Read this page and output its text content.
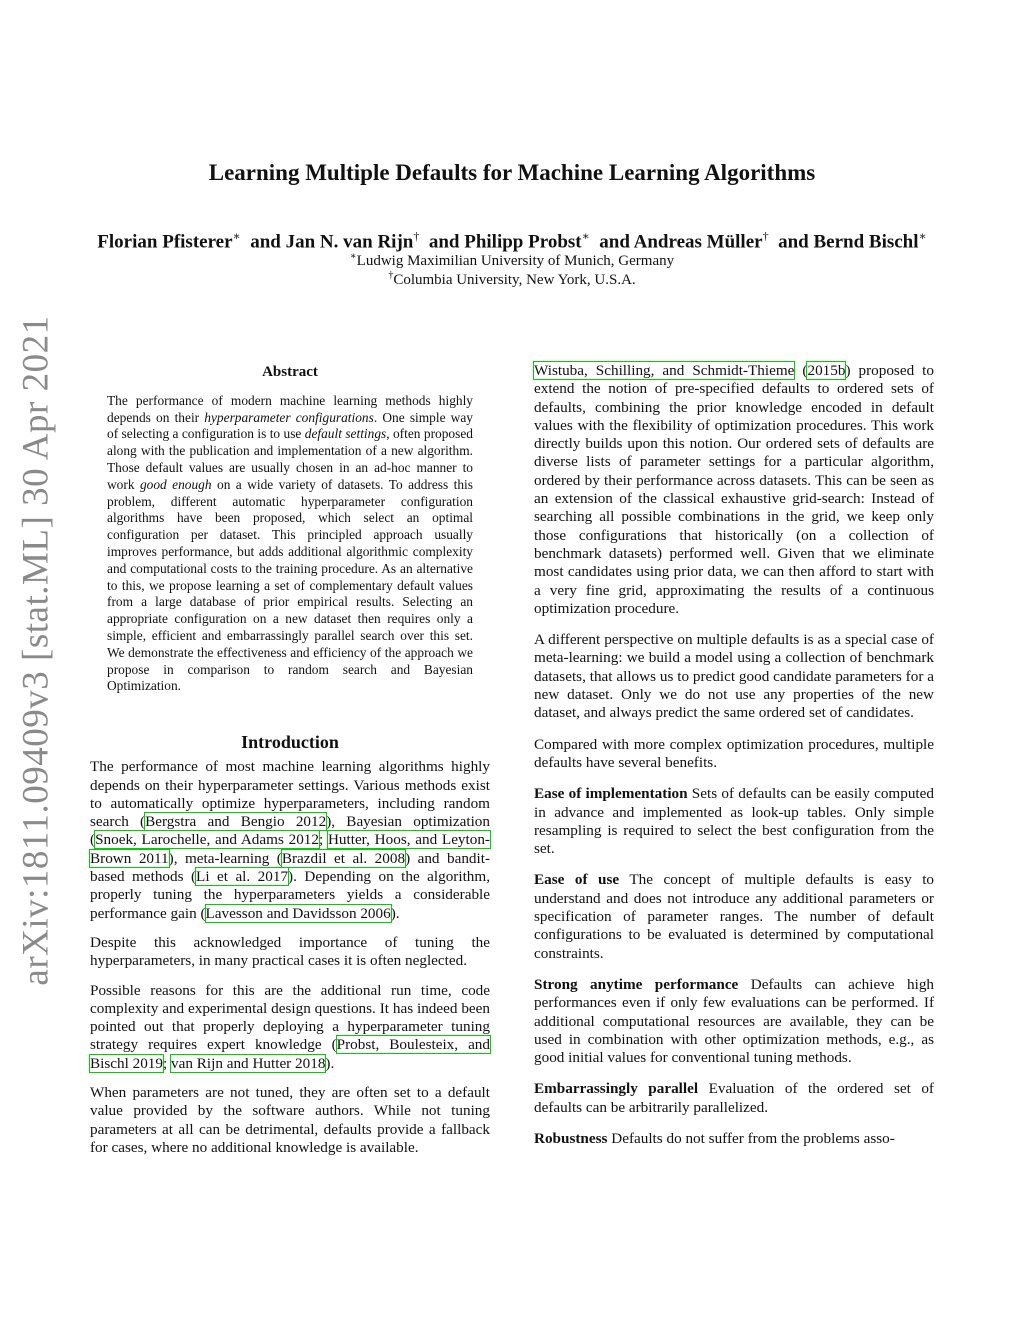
arXiv:1811.09409v3 [stat.ML] 30 Apr 2021
Learning Multiple Defaults for Machine Learning Algorithms

Florian Pfisterer∗ and Jan N. van Rijn† and Philipp Probst∗ and Andreas Müller† and Bernd Bischl∗

∗Ludwig Maximilian University of Munich, Germany

†Columbia University, New York, U.S.A.

Abstract

The performance of modern machine learning methods highly depends on their hyperparameter configurations. One simple way of selecting a configuration is to use default settings, often proposed along with the publication and implementation of a new algorithm. Those default values are usually chosen in an ad-hoc manner to work good enough on a wide variety of datasets. To address this problem, different automatic hyperparameter configuration algorithms have been proposed, which select an optimal configuration per dataset. This principled approach usually improves performance, but adds additional algorithmic complexity and computational costs to the training procedure. As an alternative to this, we propose learning a set of complementary default values from a large database of prior empirical results. Selecting an appropriate configuration on a new dataset then requires only a simple, efficient and embarrassingly parallel search over this set. We demonstrate the effectiveness and efficiency of the approach we propose in comparison to random search and Bayesian Optimization.

Introduction

The performance of most machine learning algorithms highly depends on their hyperparameter settings. Various methods exist to automatically optimize hyperparameters, including random search (Bergstra and Bengio 2012), Bayesian optimization (Snoek, Larochelle, and Adams 2012; Hutter, Hoos, and Leyton-Brown 2011), meta-learning (Brazdil et al. 2008) and bandit-based methods (Li et al. 2017). Depending on the algorithm, properly tuning the hyperparameters yields a considerable performance gain (Lavesson and Davidsson 2006).

Despite this acknowledged importance of tuning the hyperparameters, in many practical cases it is often neglected.

Possible reasons for this are the additional run time, code complexity and experimental design questions. It has indeed been pointed out that properly deploying a hyperparameter tuning strategy requires expert knowledge (Probst, Boulesteix, and Bischl 2019; van Rijn and Hutter 2018).

When parameters are not tuned, they are often set to a default value provided by the software authors. While not tuning parameters at all can be detrimental, defaults provide a fallback for cases, where no additional knowledge is available.

Wistuba, Schilling, and Schmidt-Thieme (2015b) proposed to extend the notion of pre-specified defaults to ordered sets of defaults, combining the prior knowledge encoded in default values with the flexibility of optimization procedures. This work directly builds upon this notion. Our ordered sets of defaults are diverse lists of parameter settings for a particular algorithm, ordered by their performance across datasets. This can be seen as an extension of the classical exhaustive grid-search: Instead of searching all possible combinations in the grid, we keep only those configurations that historically (on a collection of benchmark datasets) performed well. Given that we eliminate most candidates using prior data, we can then afford to start with a very fine grid, approximating the results of a continuous optimization procedure.

A different perspective on multiple defaults is as a special case of meta-learning: we build a model using a collection of benchmark datasets, that allows us to predict good candidate parameters for a new dataset. Only we do not use any properties of the new dataset, and always predict the same ordered set of candidates.

Compared with more complex optimization procedures, multiple defaults have several benefits.

Ease of implementation Sets of defaults can be easily computed in advance and implemented as look-up tables. Only simple resampling is required to select the best configuration from the set.

Ease of use The concept of multiple defaults is easy to understand and does not introduce any additional parameters or specification of parameter ranges. The number of default configurations to be evaluated is determined by computational constraints.

Strong anytime performance Defaults can achieve high performances even if only few evaluations can be performed. If additional computational resources are available, they can be used in combination with other optimization methods, e.g., as good initial values for conventional tuning methods.

Embarrassingly parallel Evaluation of the ordered set of defaults can be arbitrarily parallelized.

Robustness Defaults do not suffer from the problems asso-
